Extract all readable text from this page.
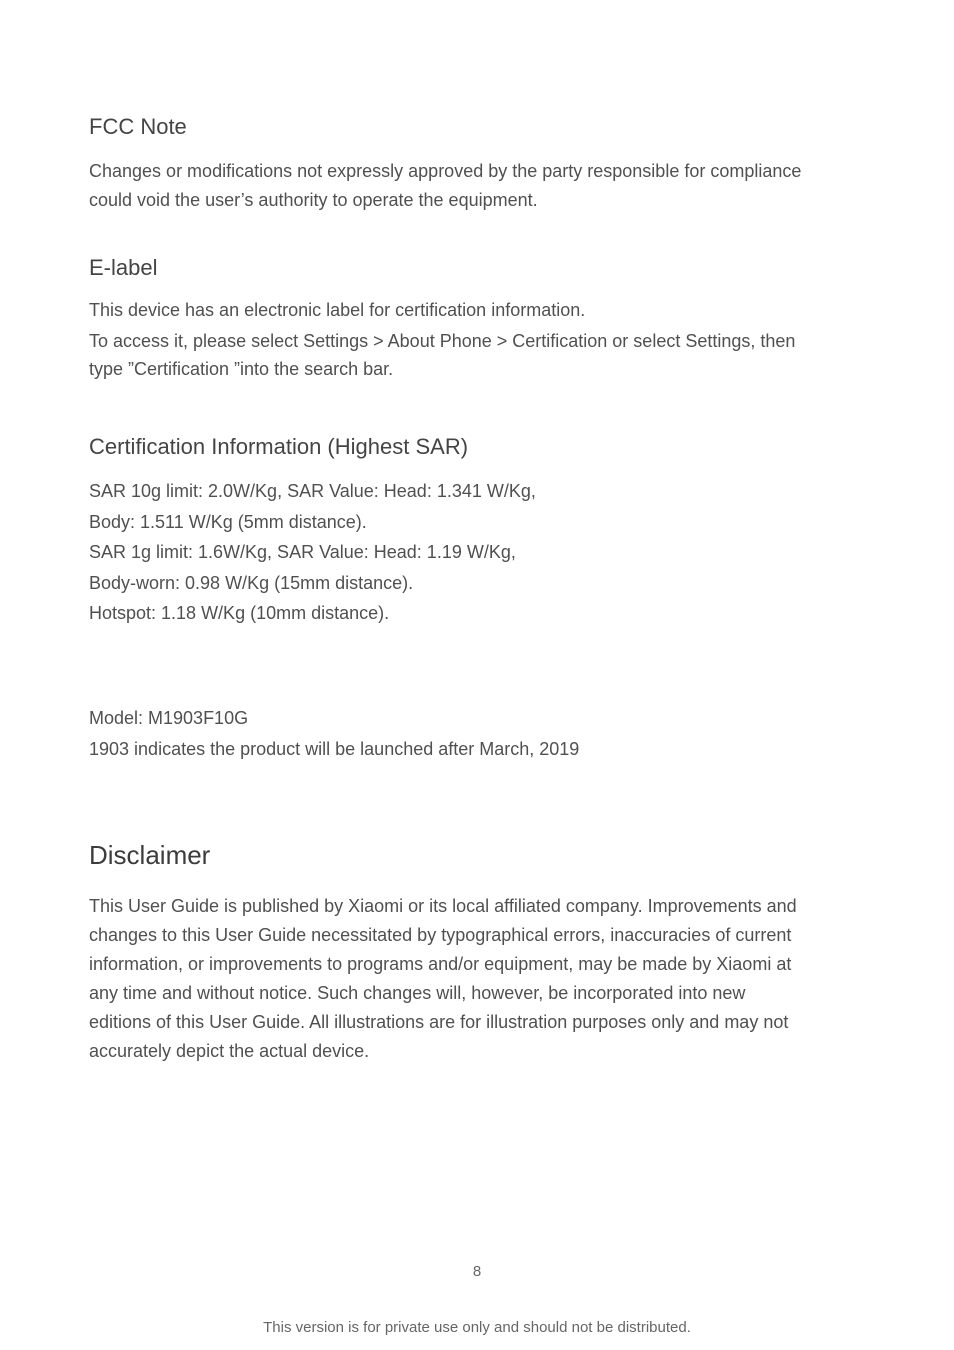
FCC Note
Changes or modifications not expressly approved by the party responsible for compliance
could void the user’s authority to operate the equipment.
E-label
This device has an electronic label for certification information.
To access it, please select Settings > About Phone > Certification or select Settings, then
type ”Certification ”into the search bar.
Certification Information (Highest SAR)
SAR 10g limit: 2.0W/Kg, SAR Value: Head: 1.341 W/Kg,
Body: 1.511 W/Kg (5mm distance).
SAR 1g limit: 1.6W/Kg, SAR Value: Head: 1.19 W/Kg,
Body-worn: 0.98 W/Kg (15mm distance).
Hotspot: 1.18 W/Kg (10mm distance).
Model: M1903F10G
1903 indicates the product will be launched after March, 2019
Disclaimer
This User Guide is published by Xiaomi or its local affiliated company. Improvements and
changes to this User Guide necessitated by typographical errors, inaccuracies of current
information, or improvements to programs and/or equipment, may be made by Xiaomi at
any time and without notice. Such changes will, however, be incorporated into new
editions of this User Guide. All illustrations are for illustration purposes only and may not
accurately depict the actual device.
8
This version is for private use only and should not be distributed.
